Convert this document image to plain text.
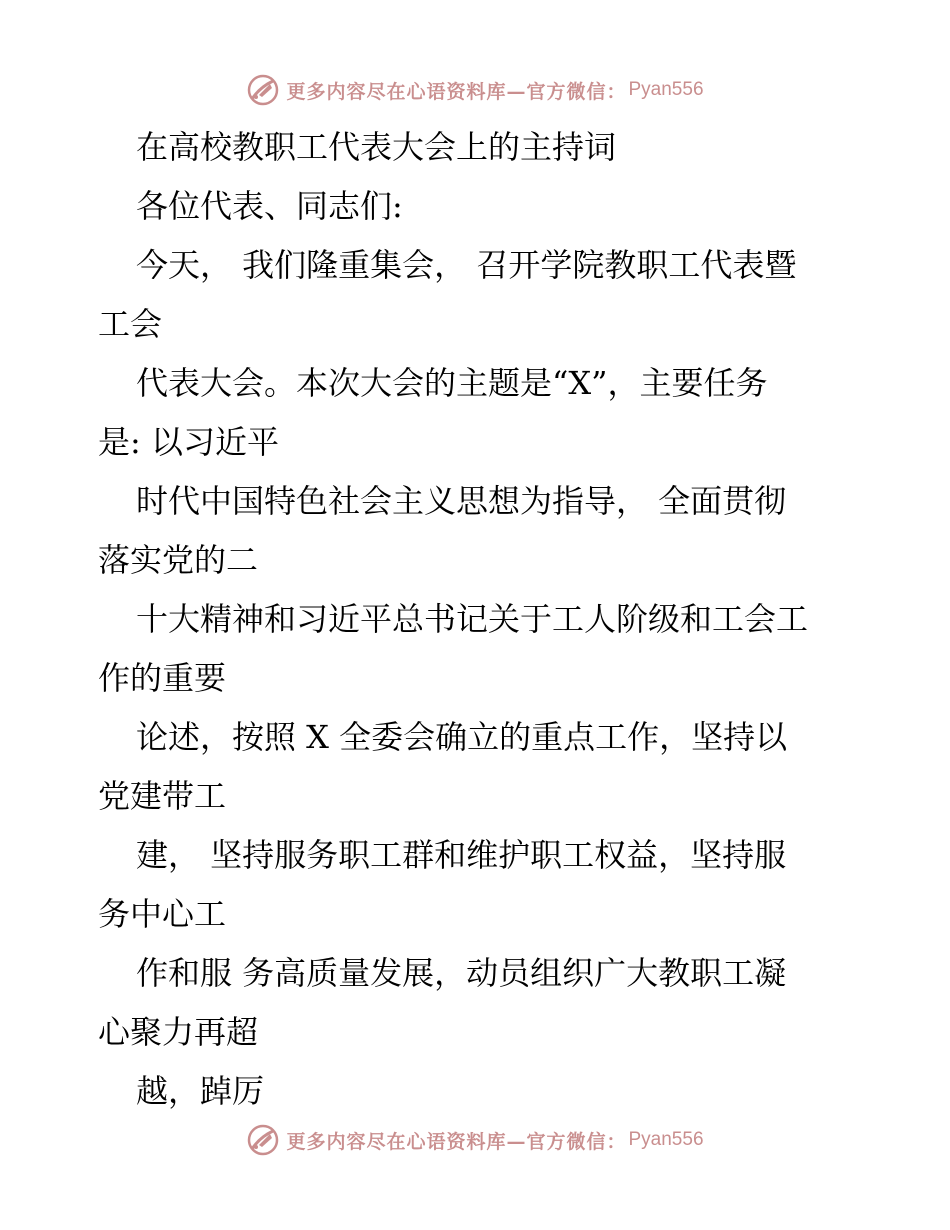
更多内容尽在心语资料库—官方微信： Pyan556
在高校教职工代表大会上的主持词
各位代表、同志们:
今天， 我们隆重集会， 召开学院教职工代表暨
工会
代表大会。本次大会的主题是“X”，主要任务
是: 以习近平
时代中国特色社会主义思想为指导， 全面贯彻
落实党的二
十大精神和习近平总书记关于工人阶级和工会工
作的重要
论述，按照 X 全委会确立的重点工作，坚持以
党建带工
建， 坚持服务职工群和维护职工权益，坚持服
务中心工
作和服 务高质量发展，动员组织广大教职工凝
心聚力再超
越，踔厉
更多内容尽在心语资料库—官方微信： Pyan556
